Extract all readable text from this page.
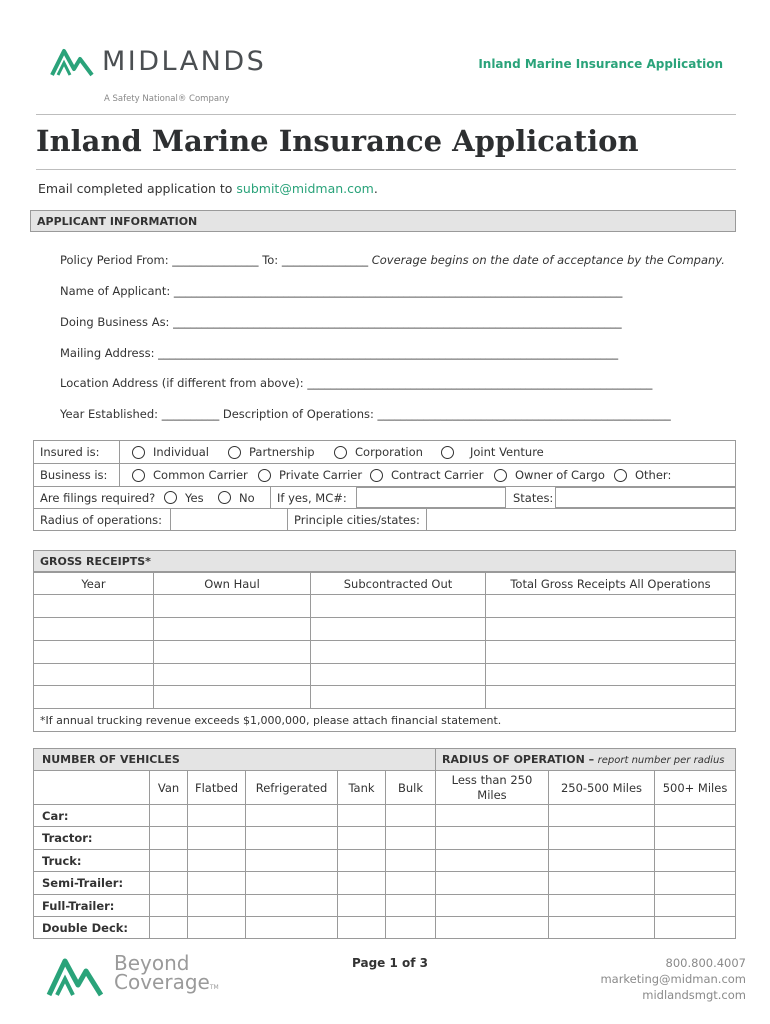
MIDLANDS
A Safety National® Company
Inland Marine Insurance Application
Inland Marine Insurance Application
Email completed application to submit@midman.com.
APPLICANT INFORMATION
Policy Period From: _______________ To: _______________ Coverage begins on the date of acceptance by the Company.
Name of Applicant: ______________________________________________________________________________
Doing Business As: ______________________________________________________________________________
Mailing Address: ________________________________________________________________________________
Location Address (if different from above): ____________________________________________________________
Year Established: __________ Description of Operations: ___________________________________________________
Insured is:	Individual	Partnership	Corporation	Joint Venture
Business is:	Common Carrier	Private Carrier	Contract Carrier	Owner of Cargo	Other:
Are filings required?	Yes	No If yes, MC#:	States:
Radius of operations:	Principle cities/states:
GROSS RECEIPTS*
Year	Own Haul	Subcontracted Out	Total Gross Receipts All Operations

*If annual trucking revenue exceeds $1,000,000, please attach financial statement.			
NUMBER OF VEHICLES						RADIUS OF OPERATION – report number per radius		
	Van	Flatbed	Refrigerated	Tank	Bulk	Less than 250 Miles	250-500 Miles	500+ Miles
Car:								
Tractor:								
Truck:								
Semi-Trailer:								
Full-Trailer:								
Double Deck:								
Beyond
CoverageTM
Page 1 of 3	800.800.4007
marketing@midman.com
midlandsmgt.com
